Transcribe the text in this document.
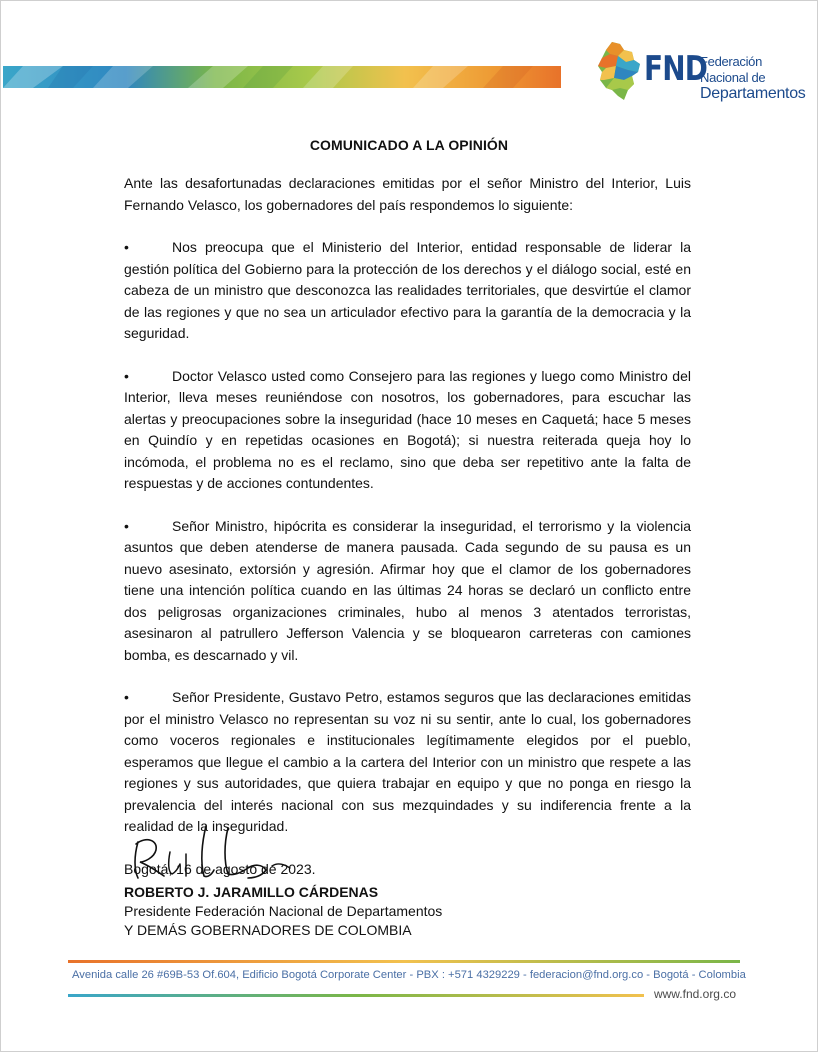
FND
Federación Nacional de
Departamentos
COMUNICADO A LA OPINIÓN

Ante las desafortunadas declaraciones emitidas por el señor Ministro del Interior, Luis Fernando Velasco, los gobernadores del país respondemos lo siguiente:

•	Nos preocupa que el Ministerio del Interior, entidad responsable de liderar la gestión política del Gobierno para la protección de los derechos y el diálogo social, esté en cabeza de un ministro que desconozca las realidades territoriales, que desvirtúe el clamor de las regiones y que no sea un articulador efectivo para la garantía de la democracia y la seguridad.

•	Doctor Velasco usted como Consejero para las regiones y luego como Ministro del Interior, lleva meses reuniéndose con nosotros, los gobernadores, para escuchar las alertas y preocupaciones sobre la inseguridad (hace 10 meses en Caquetá; hace 5 meses en Quindío y en repetidas ocasiones en Bogotá); si nuestra reiterada queja hoy lo incómoda, el problema no es el reclamo, sino que deba ser repetitivo ante la falta de respuestas y de acciones contundentes.

•	Señor Ministro, hipócrita es considerar la inseguridad, el terrorismo y la violencia asuntos que deben atenderse de manera pausada. Cada segundo de su pausa es un nuevo asesinato, extorsión y agresión. Afirmar hoy que el clamor de los gobernadores tiene una intención política cuando en las últimas 24 horas se declaró un conflicto entre dos peligrosas organizaciones criminales, hubo al menos 3 atentados terroristas, asesinaron al patrullero Jefferson Valencia y se bloquearon carreteras con camiones bomba, es descarnado y vil.

•	Señor Presidente, Gustavo Petro, estamos seguros que las declaraciones emitidas por el ministro Velasco no representan su voz ni su sentir, ante lo cual, los gobernadores como voceros regionales e institucionales legítimamente elegidos por el pueblo, esperamos que llegue el cambio a la cartera del Interior con un ministro que respete a las regiones y sus autoridades, que quiera trabajar en equipo y que no ponga en riesgo la prevalencia del interés nacional con sus mezquindades y su indiferencia frente a la realidad de la inseguridad.

Bogotá, 16 de agosto de 2023.

ROBERTO J. JARAMILLO CÁRDENAS
Presidente Federación Nacional de Departamentos
Y DEMÁS GOBERNADORES DE COLOMBIA
Avenida calle 26 #69B-53 Of.604, Edificio Bogotá Corporate Center - PBX : +571 4329229 - federacion@fnd.org.co - Bogotá - Colombia
www.fnd.org.co
